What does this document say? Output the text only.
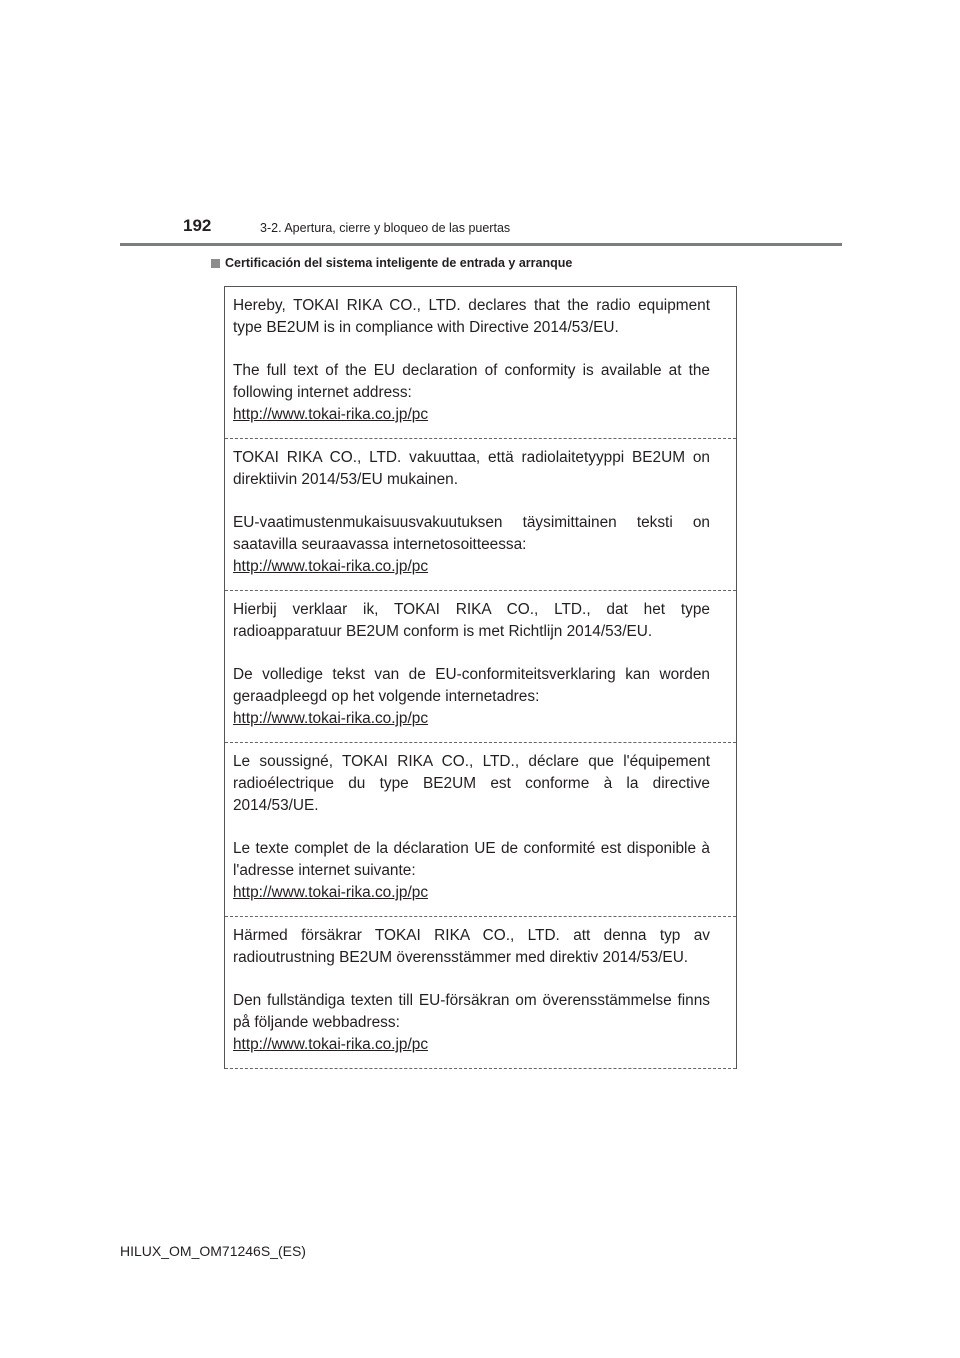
192	3-2. Apertura, cierre y bloqueo de las puertas
Certificación del sistema inteligente de entrada y arranque

Hereby, TOKAI RIKA CO., LTD. declares that the radio equipment type BE2UM is in compliance with Directive 2014/53/EU.

The full text of the EU declaration of conformity is available at the following internet address:

http://www.tokai-rika.co.jp/pc

TOKAI RIKA CO., LTD. vakuuttaa, että radiolaitetyyppi BE2UM on direktiivin 2014/53/EU mukainen.

EU-vaatimustenmukaisuusvakuutuksen täysimittainen teksti on saatavilla seuraavassa internetosoitteessa:

http://www.tokai-rika.co.jp/pc

Hierbij verklaar ik, TOKAI RIKA CO., LTD., dat het type radioapparatuur BE2UM conform is met Richtlijn 2014/53/EU.

De volledige tekst van de EU-conformiteitsverklaring kan worden geraadpleegd op het volgende internetadres:

http://www.tokai-rika.co.jp/pc

Le soussigné, TOKAI RIKA CO., LTD., déclare que l'équipement radioélectrique du type BE2UM est conforme à la directive 2014/53/UE.

Le texte complet de la déclaration UE de conformité est disponible à l'adresse internet suivante:

http://www.tokai-rika.co.jp/pc

Härmed försäkrar TOKAI RIKA CO., LTD. att denna typ av radioutrustning BE2UM överensstämmer med direktiv 2014/53/EU.

Den fullständiga texten till EU-försäkran om överensstämmelse finns på följande webbadress:

http://www.tokai-rika.co.jp/pc
HILUX_OM_OM71246S_(ES)
